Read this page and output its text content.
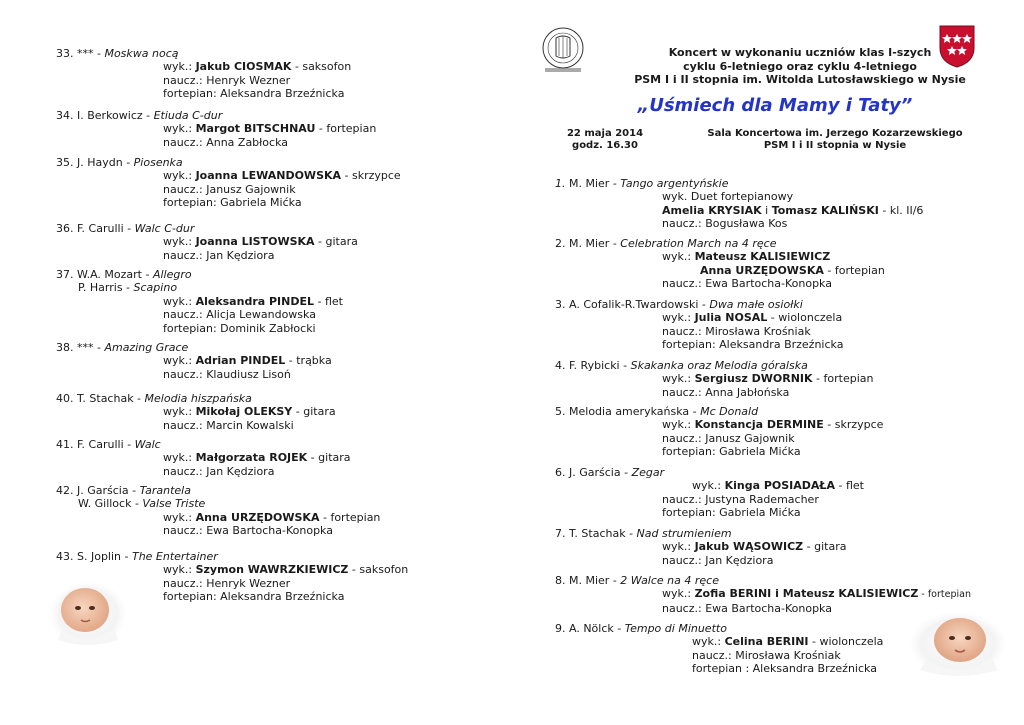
33. *** - Moskwa nocą
wyk.: Jakub CIOSMAK - saksofon
naucz.: Henryk Wezner
fortepian: Aleksandra Brzeźnicka
34. I. Berkowicz - Etiuda C-dur
wyk.: Margot BITSCHNAU - fortepian
naucz.: Anna Zabłocka
35. J. Haydn - Piosenka
wyk.: Joanna LEWANDOWSKA - skrzypce
naucz.: Janusz Gajownik
fortepian: Gabriela Mićka
36. F. Carulli - Walc C-dur
wyk.: Joanna LISTOWSKA - gitara
naucz.: Jan Kędziora
37. W.A. Mozart - Allegro
P. Harris - Scapino
wyk.: Aleksandra PINDEL - flet
naucz.: Alicja Lewandowska
fortepian: Dominik Zabłocki
38. *** - Amazing Grace
wyk.: Adrian PINDEL - trąbka
naucz.: Klaudiusz Lisoń
40. T. Stachak - Melodia hiszpańska
wyk.: Mikołaj OLEKSY - gitara
naucz.: Marcin Kowalski
41. F. Carulli - Walc
wyk.: Małgorzata ROJEK - gitara
naucz.: Jan Kędziora
42. J. Garścia - Tarantela
W. Gillock - Valse Triste
wyk.: Anna URZĘDOWSKA - fortepian
naucz.: Ewa Bartocha-Konopka
43. S. Joplin - The Entertainer
wyk.: Szymon WAWRZKIEWICZ - saksofon
naucz.: Henryk Wezner
fortepian: Aleksandra Brzeźnicka
Koncert w wykonaniu uczniów klas I-szych
cyklu 6-letniego oraz cyklu 4-letniego
PSM I i II stopnia im. Witolda Lutosławskiego w Nysie
„Uśmiech dla Mamy i Taty”
22 maja 2014
godz. 16.30
Sala Koncertowa im. Jerzego Kozarzewskiego
PSM I i II stopnia w Nysie
1. M. Mier - Tango argentyńskie
wyk. Duet fortepianowy
Amelia KRYSIAK i Tomasz KALIŃSKI - kl. II/6
naucz.: Bogusława Kos
2. M. Mier - Celebration March na 4 ręce
wyk.: Mateusz KALISIEWICZ
Anna URZĘDOWSKA - fortepian
naucz.: Ewa Bartocha-Konopka
3. A. Cofalik-R.Twardowski - Dwa małe osiołki
wyk.: Julia NOSAL - wiolonczela
naucz.: Mirosława Krośniak
fortepian: Aleksandra Brzeźnicka
4. F. Rybicki - Skakanka oraz Melodia góralska
wyk.: Sergiusz DWORNIK - fortepian
naucz.: Anna Jabłońska
5. Melodia amerykańska - Mc Donald
wyk.: Konstancja DERMINE - skrzypce
naucz.: Janusz Gajownik
fortepian: Gabriela Mićka
6. J. Garścia - Zegar
wyk.: Kinga POSIADAŁA - flet
naucz.: Justyna Rademacher
fortepian: Gabriela Mićka
7. T. Stachak - Nad strumieniem
wyk.: Jakub WĄSOWICZ - gitara
naucz.: Jan Kędziora
8. M. Mier - 2 Walce na 4 ręce
wyk.: Zofia BERINI i Mateusz KALISIEWICZ - fortepian
naucz.: Ewa Bartocha-Konopka
9. A. Nölck - Tempo di Minuetto
wyk.: Celina BERINI - wiolonczela
naucz.: Mirosława Krośniak
fortepian : Aleksandra Brzeźnicka
